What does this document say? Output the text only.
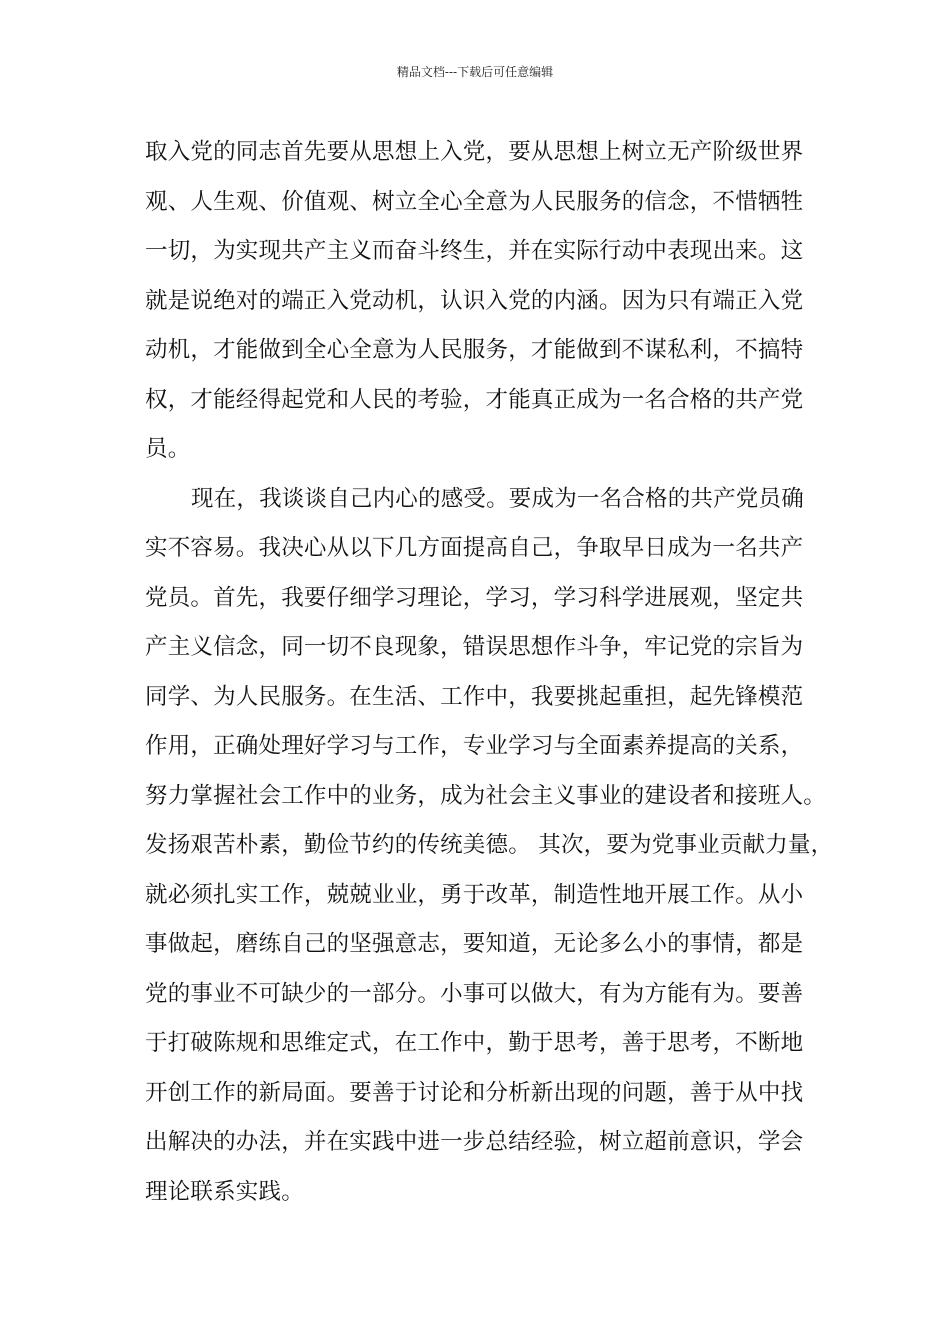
精品文档---下载后可任意编辑
取入党的同志首先要从思想上入党，要从思想上树立无产阶级世界
观、人生观、价值观、树立全心全意为人民服务的信念，不惜牺牲
一切，为实现共产主义而奋斗终生，并在实际行动中表现出来。这
就是说绝对的端正入党动机，认识入党的内涵。因为只有端正入党
动机，才能做到全心全意为人民服务，才能做到不谋私利，不搞特
权，才能经得起党和人民的考验，才能真正成为一名合格的共产党
员。
现在，我谈谈自己内心的感受。要成为一名合格的共产党员确
实不容易。我决心从以下几方面提高自己，争取早日成为一名共产
党员。首先，我要仔细学习理论，学习，学习科学进展观，坚定共
产主义信念，同一切不良现象，错误思想作斗争，牢记党的宗旨为
同学、为人民服务。在生活、工作中，我要挑起重担，起先锋模范
作用，正确处理好学习与工作，专业学习与全面素养提高的关系，
努力掌握社会工作中的业务，成为社会主义事业的建设者和接班人。
发扬艰苦朴素，勤俭节约的传统美德。 其次，要为党事业贡献力量，
就必须扎实工作，兢兢业业，勇于改革，制造性地开展工作。从小
事做起，磨练自己的坚强意志，要知道，无论多么小的事情，都是
党的事业不可缺少的一部分。小事可以做大，有为方能有为。要善
于打破陈规和思维定式，在工作中，勤于思考，善于思考，不断地
开创工作的新局面。要善于讨论和分析新出现的问题，善于从中找
出解决的办法，并在实践中进一步总结经验，树立超前意识，学会
理论联系实践。
